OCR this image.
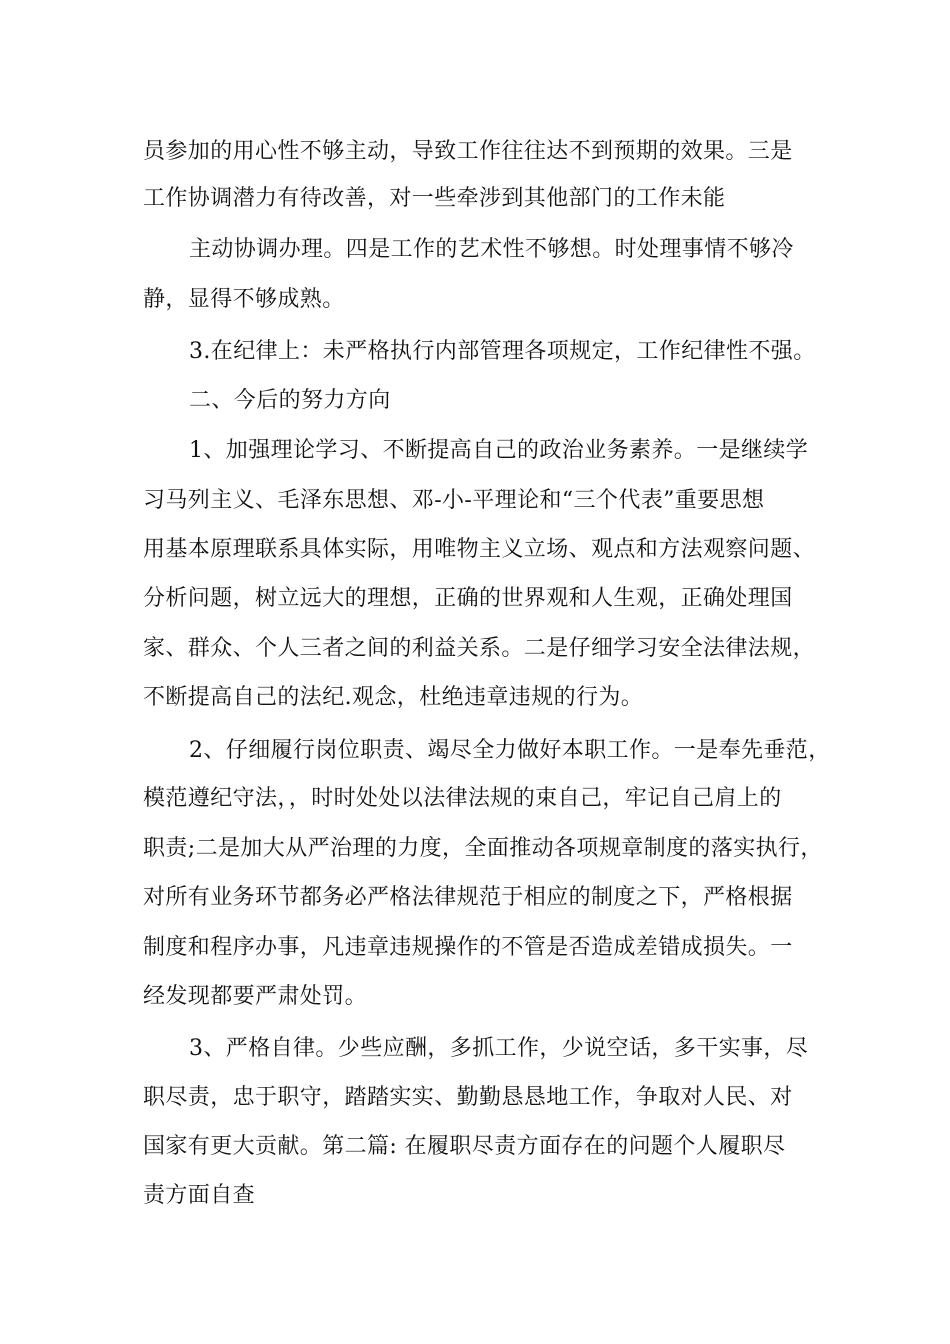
员参加的用心性不够主动，导致工作往往达不到预期的效果。三是
工作协调潜力有待改善，对一些牵涉到其他部门的工作未能
主动协调办理。四是工作的艺术性不够想。时处理事情不够冷
静，显得不够成熟。
3.在纪律上：未严格执行内部管理各项规定，工作纪律性不强。
二、今后的努力方向
1、加强理论学习、不断提高自己的政治业务素养。一是继续学
习马列主义、毛泽东思想、邓-小-平理论和“三个代表”重要思想
用基本原理联系具体实际，用唯物主义立场、观点和方法观察问题、
分析问题，树立远大的理想，正确的世界观和人生观，正确处理国
家、群众、个人三者之间的利益关系。二是仔细学习安全法律法规，
不断提高自己的法纪.观念，杜绝违章违规的行为。
2、仔细履行岗位职责、竭尽全力做好本职工作。一是奉先垂范，
模范遵纪守法，，时时处处以法律法规的束自己，牢记自己肩上的
职责;二是加大从严治理的力度，全面推动各项规章制度的落实执行，
对所有业务环节都务必严格法律规范于相应的制度之下，严格根据
制度和程序办事，凡违章违规操作的不管是否造成差错成损失。一
经发现都要严肃处罚。
3、严格自律。少些应酬，多抓工作，少说空话，多干实事，尽
职尽责，忠于职守，踏踏实实、勤勤恳恳地工作，争取对人民、对
国家有更大贡献。第二篇: 在履职尽责方面存在的问题个人履职尽
责方面自查
